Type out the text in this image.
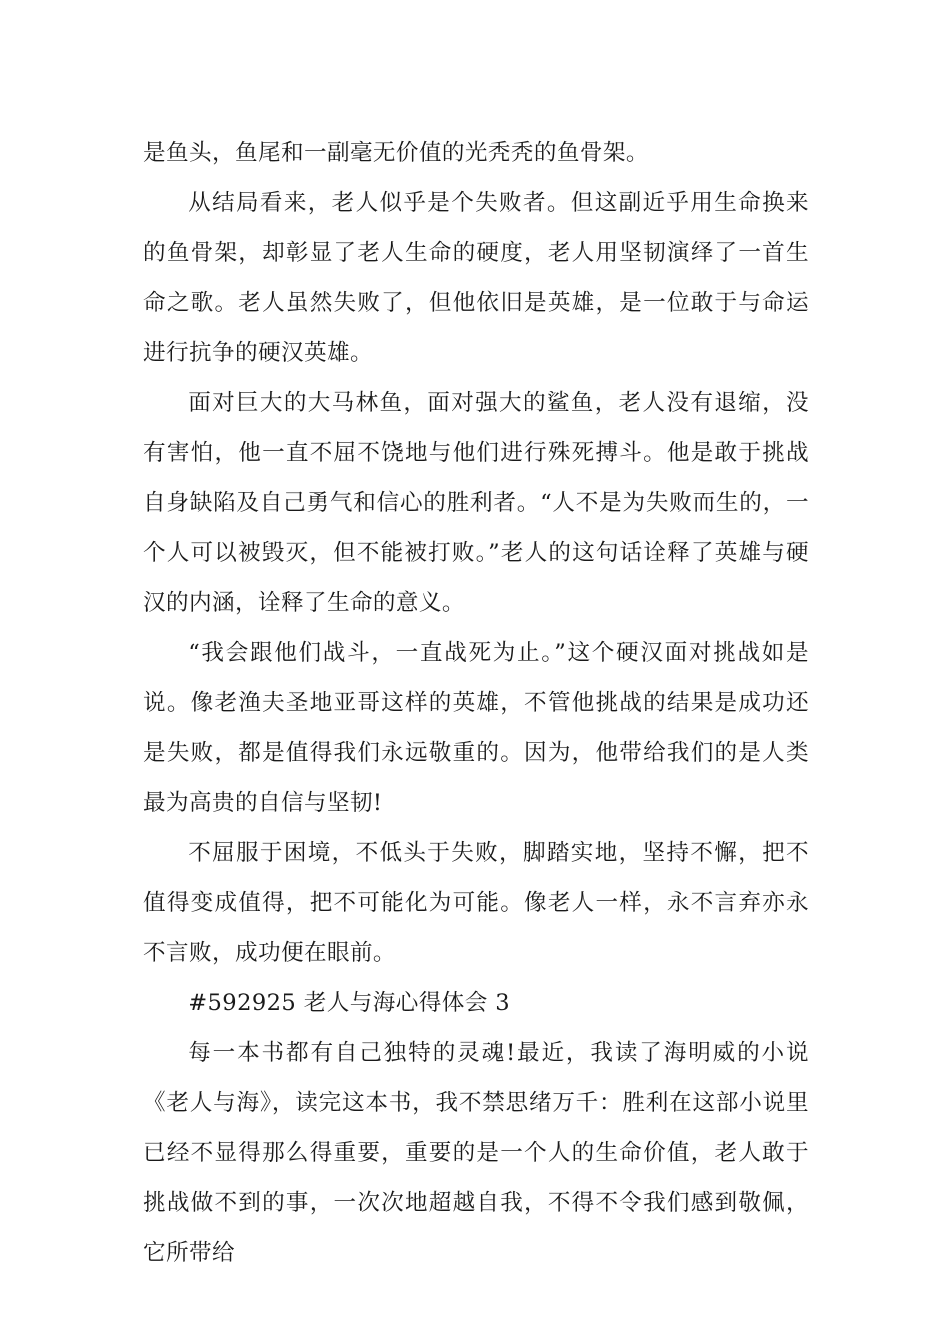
是鱼头，鱼尾和一副毫无价值的光秃秃的鱼骨架。

从结局看来，老人似乎是个失败者。但这副近乎用生命换来的鱼骨架，却彰显了老人生命的硬度，老人用坚韧演绎了一首生命之歌。老人虽然失败了，但他依旧是英雄，是一位敢于与命运进行抗争的硬汉英雄。

面对巨大的大马林鱼，面对强大的鲨鱼，老人没有退缩，没有害怕，他一直不屈不饶地与他们进行殊死搏斗。他是敢于挑战自身缺陷及自己勇气和信心的胜利者。“人不是为失败而生的，一个人可以被毁灭，但不能被打败。”老人的这句话诠释了英雄与硬汉的内涵，诠释了生命的意义。

“我会跟他们战斗，一直战死为止。”这个硬汉面对挑战如是说。像老渔夫圣地亚哥这样的英雄，不管他挑战的结果是成功还是失败，都是值得我们永远敬重的。因为，他带给我们的是人类最为高贵的自信与坚韧!

不屈服于困境，不低头于失败，脚踏实地，坚持不懈，把不值得变成值得，把不可能化为可能。像老人一样，永不言弃亦永不言败，成功便在眼前。

#592925 老人与海心得体会 3

每一本书都有自己独特的灵魂!最近，我读了海明威的小说《老人与海》，读完这本书，我不禁思绪万千：胜利在这部小说里已经不显得那么得重要，重要的是一个人的生命价值，老人敢于挑战做不到的事，一次次地超越自我，不得不令我们感到敬佩，它所带给
